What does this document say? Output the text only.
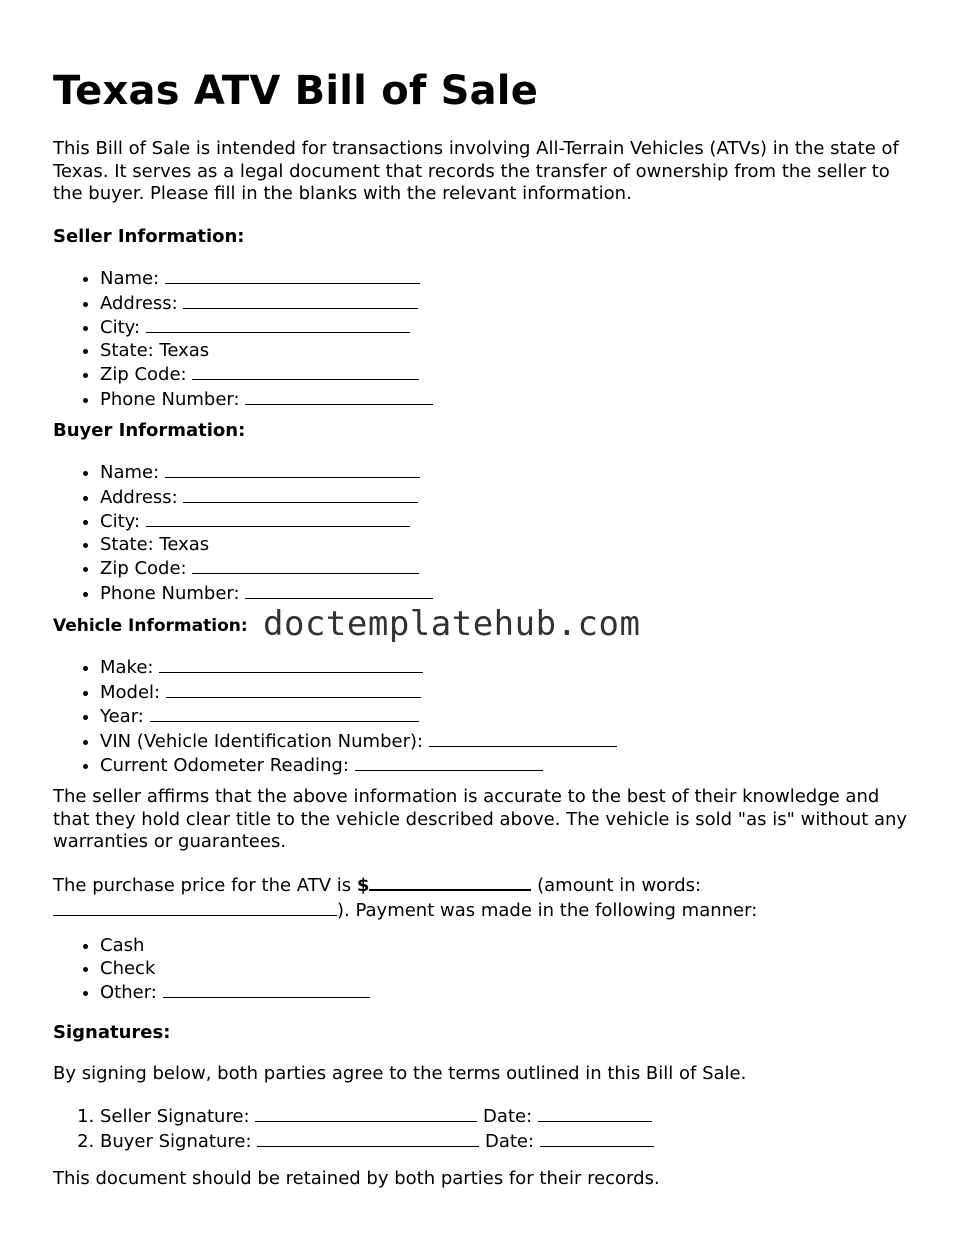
Texas ATV Bill of Sale

This Bill of Sale is intended for transactions involving All-Terrain Vehicles (ATVs) in the state of Texas. It serves as a legal document that records the transfer of ownership from the seller to the buyer. Please fill in the blanks with the relevant information.

Seller Information:

• Name:
• Address:
• City:
• State: Texas
• Zip Code:
• Phone Number:

Buyer Information:

• Name:
• Address:
• City:
• State: Texas
• Zip Code:
• Phone Number:

Vehicle Information:

• Make:
• Model:
• Year:
• VIN (Vehicle Identification Number):
• Current Odometer Reading:

The seller affirms that the above information is accurate to the best of their knowledge and that they hold clear title to the vehicle described above. The vehicle is sold "as is" without any warranties or guarantees.

The purchase price for the ATV is $	(amount in words:
). Payment was made in the following manner:

• Cash
• Check
• Other:

Signatures:

By signing below, both parties agree to the terms outlined in this Bill of Sale.

1. Seller Signature:	Date:
2. Buyer Signature:	Date:

This document should be retained by both parties for their records.

doctemplatehub.com
